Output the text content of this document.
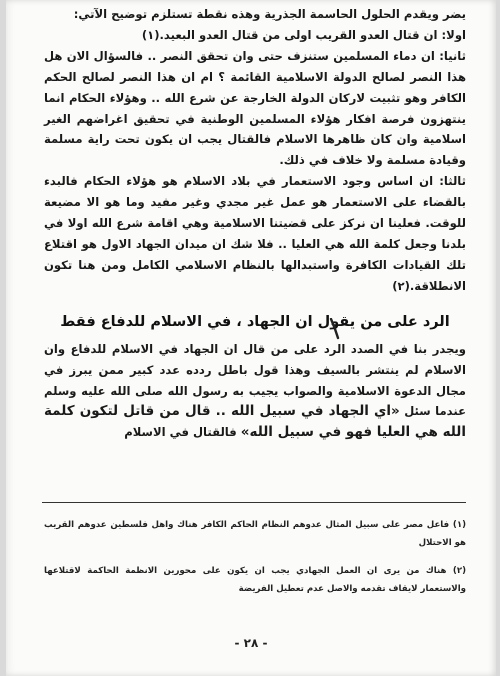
يضر ويقدم الحلول الحاسمة الجذرية وهذه نقطة تستلزم توضيح الآتي:

اولا: ان قتال العدو القريب اولى من قتال العدو البعيد.(١)

ثانيا: ان دماء المسلمين ستنزف حتى وان تحقق النصر .. فالسؤال الان هل هذا النصر لصالح الدولة الاسلامية القائمة ؟ ام ان هذا النصر لصالح الحكم الكافر وهو تثبيت لاركان الدولة الخارجة عن شرع الله .. وهؤلاء الحكام انما ينتهزون فرصة افكار هؤلاء المسلمين الوطنية في تحقيق اغراضهم الغير اسلامية وان كان ظاهرها الاسلام فالقتال يجب ان يكون تحت راية مسلمة وقيادة مسلمة ولا خلاف في ذلك.

ثالثا: ان اساس وجود الاستعمار في بلاد الاسلام هو هؤلاء الحكام فالبدء بالقضاء على الاستعمار هو عمل غير مجدي وغير مفيد وما هو الا مضيعة للوقت. فعلينا ان نركز على قضيتنا الاسلامية وهي اقامة شرع الله اولا في بلدنا وجعل كلمة الله هي العليا .. فلا شك ان ميدان الجهاد الاول هو اقتلاع تلك القيادات الكافرة واستبدالها بالنظام الاسلامي الكامل ومن هنا تكون الانطلاقة.(٢)

الرد على من يقول ان الجهاد ، في الاسلام للدفاع فقط

ويجدر بنا في الصدد الرد على من قال ان الجهاد في الاسلام للدفاع وان الاسلام لم ينتشر بالسيف وهذا قول باطل ردده عدد كبير ممن يبرز في مجال الدعوة الاسلامية والصواب يجيب به رسول الله صلى الله عليه وسلم عندما سئل «اي الجهاد في سبيل الله .. قال من قاتل لتكون كلمة الله هي العليا فهو في سبيل الله» فالقتال في الاسلام

(١) فاعل مصر على سبيل المثال عدوهم النظام الحاكم الكافر هناك واهل فلسطين عدوهم القريب هو الاحتلال

(٢) هناك من يرى ان العمل الجهادي يجب ان يكون على محورين الانظمة الحاكمة لاقتلاعها والاستعمار لايقاف تقدمه والاصل عدم تعطيل الفريضة

- ٢٨ -
